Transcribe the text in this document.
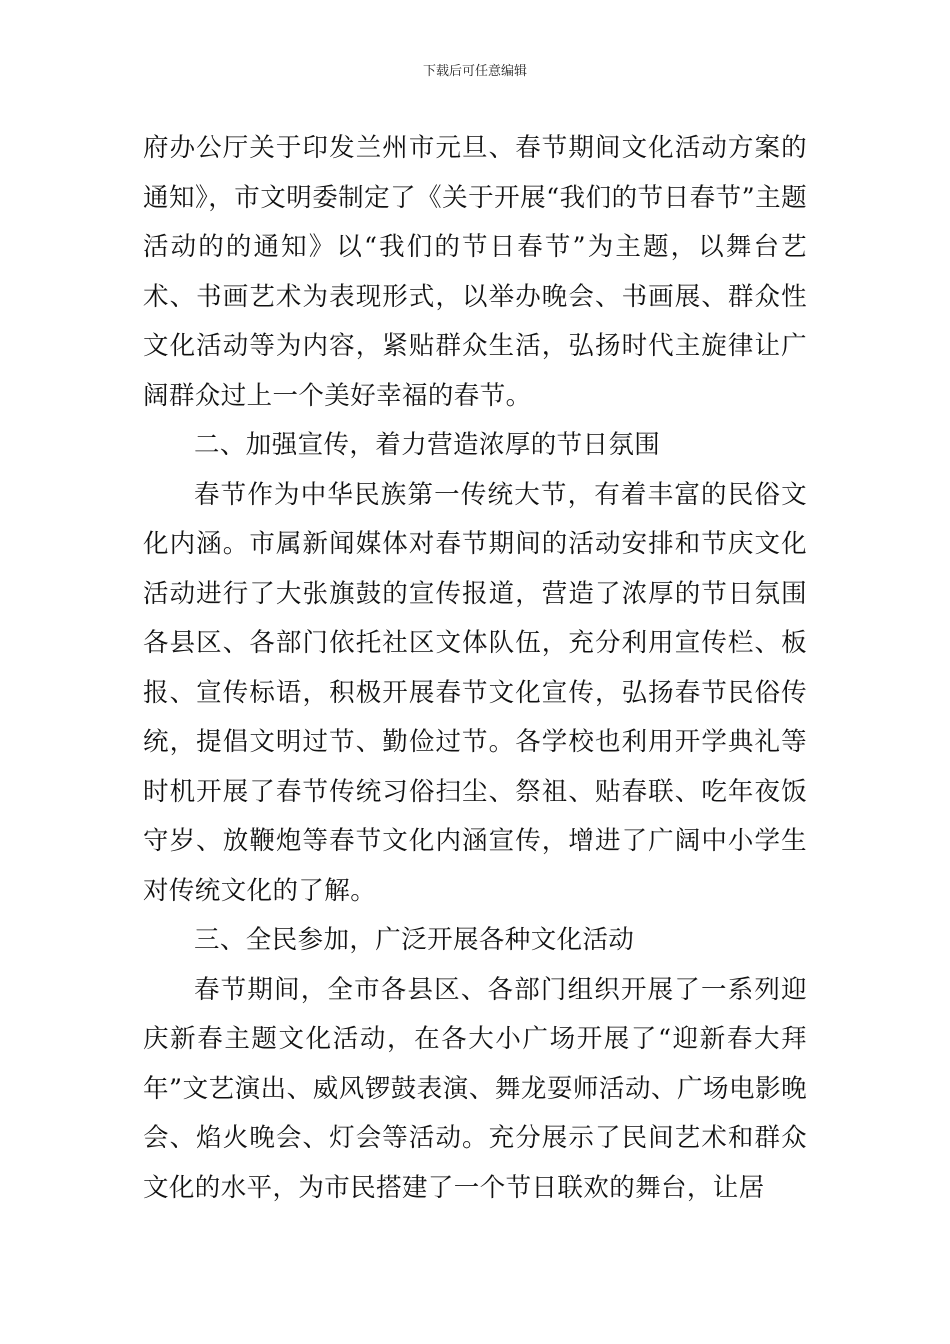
下载后可任意编辑

府办公厅关于印发兰州市元旦、春节期间文化活动方案的通知》，市文明委制定了《关于开展“我们的节日春节”主题活动的的通知》以“我们的节日春节”为主题，以舞台艺术、书画艺术为表现形式，以举办晚会、书画展、群众性文化活动等为内容，紧贴群众生活，弘扬时代主旋律让广阔群众过上一个美好幸福的春节。

二、加强宣传，着力营造浓厚的节日氛围

春节作为中华民族第一传统大节，有着丰富的民俗文化内涵。市属新闻媒体对春节期间的活动安排和节庆文化活动进行了大张旗鼓的宣传报道，营造了浓厚的节日氛围各县区、各部门依托社区文体队伍，充分利用宣传栏、板报、宣传标语，积极开展春节文化宣传，弘扬春节民俗传统，提倡文明过节、勤俭过节。各学校也利用开学典礼等时机开展了春节传统习俗扫尘、祭祖、贴春联、吃年夜饭守岁、放鞭炮等春节文化内涵宣传，增进了广阔中小学生对传统文化的了解。

三、全民参加，广泛开展各种文化活动

春节期间，全市各县区、各部门组织开展了一系列迎庆新春主题文化活动，在各大小广场开展了“迎新春大拜年”文艺演出、威风锣鼓表演、舞龙耍师活动、广场电影晚会、焰火晚会、灯会等活动。充分展示了民间艺术和群众文化的水平，为市民搭建了一个节日联欢的舞台，让居
